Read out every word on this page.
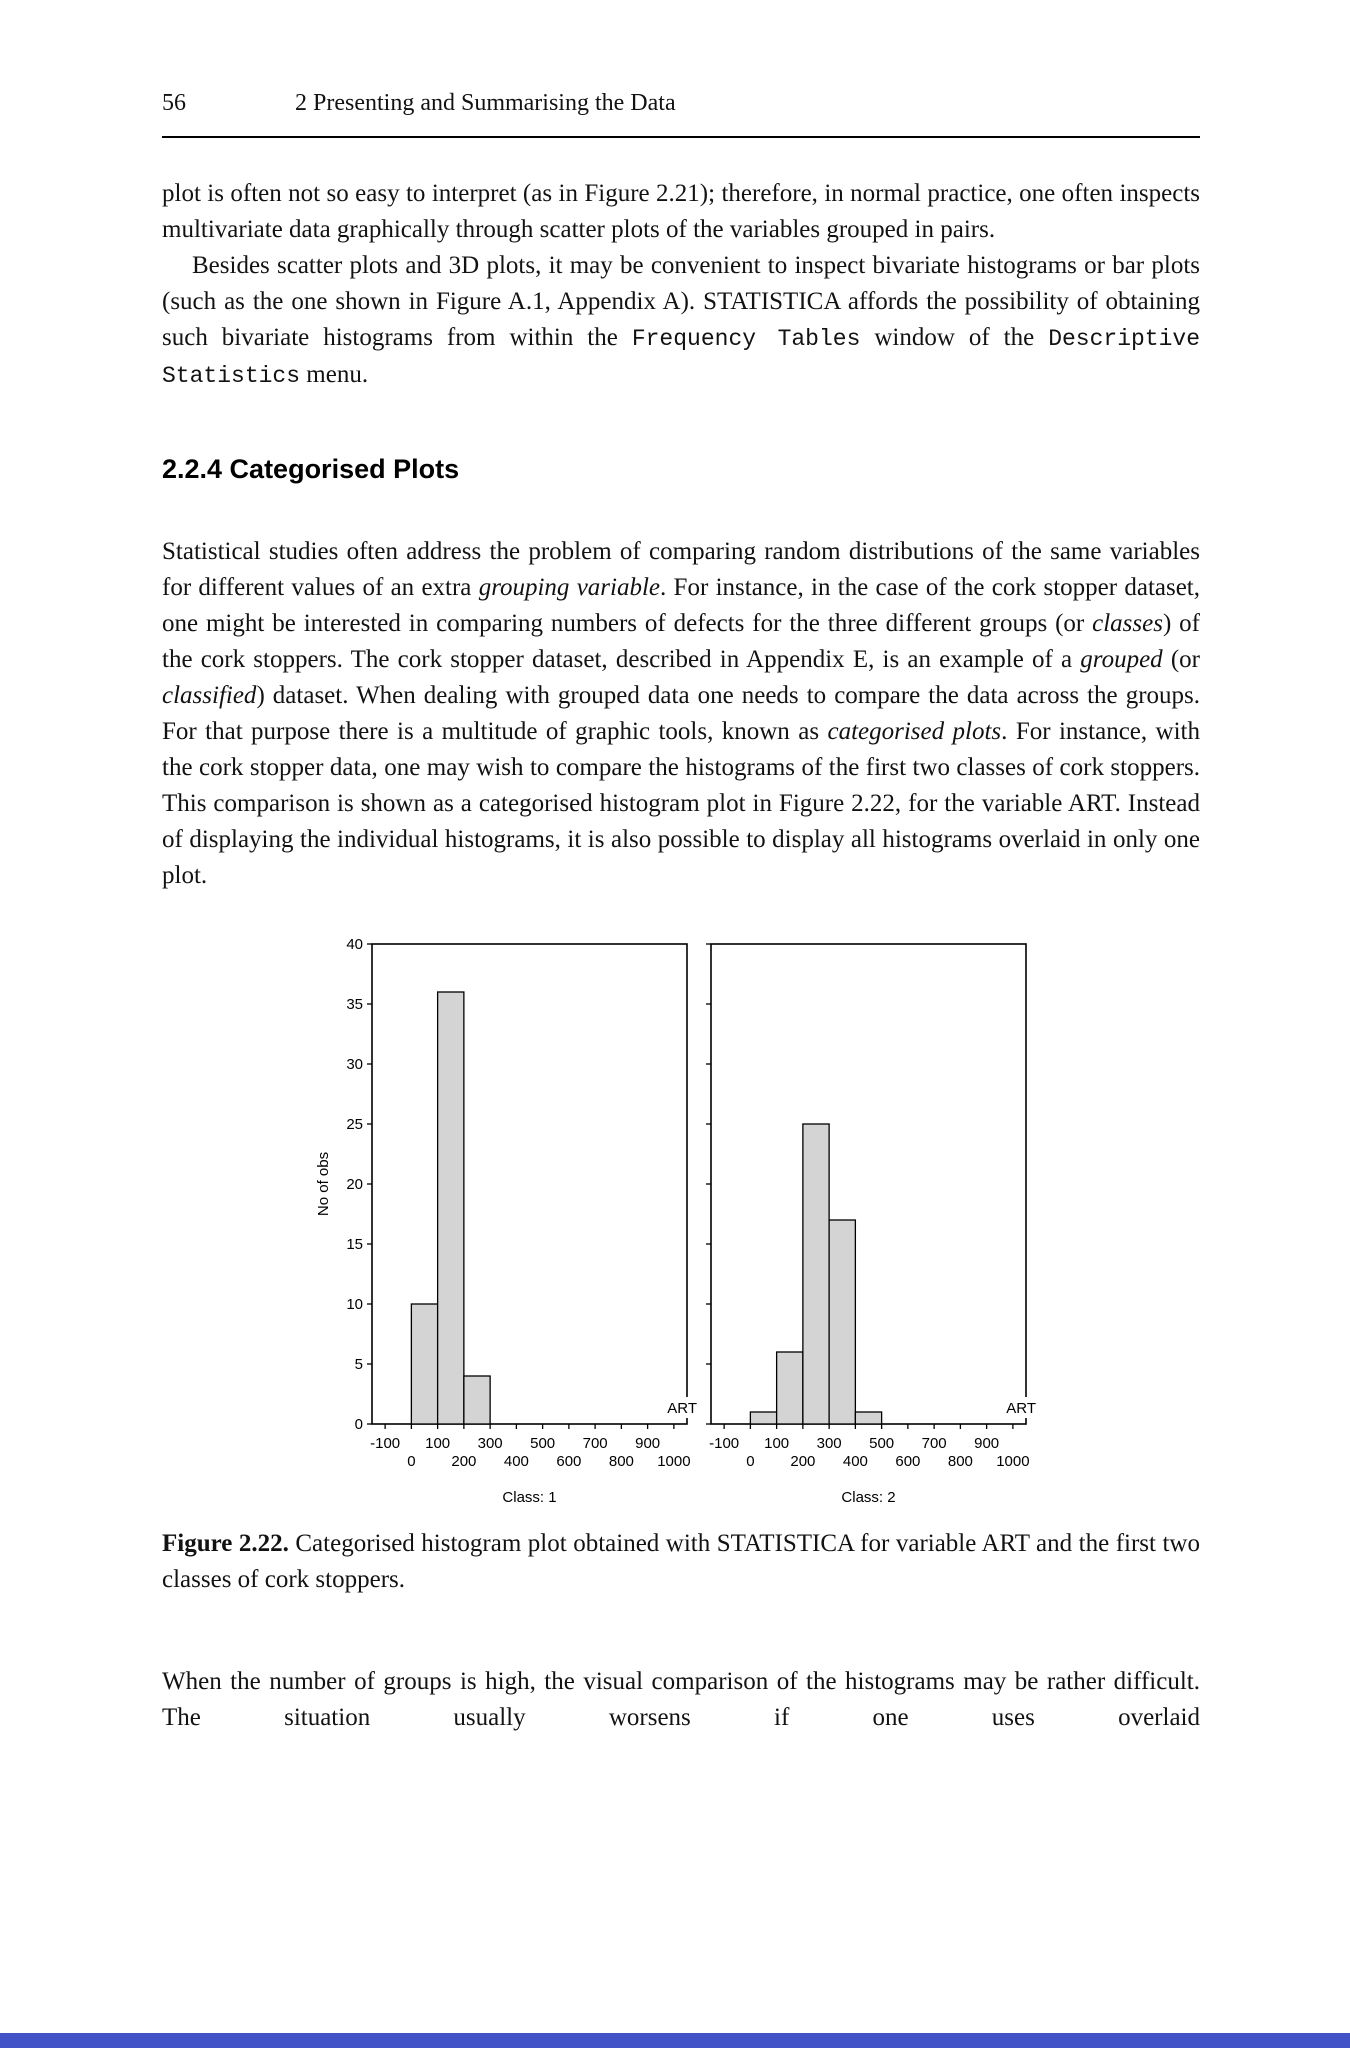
56	2 Presenting and Summarising the Data

plot is often not so easy to interpret (as in Figure 2.21); therefore, in normal practice, one often inspects multivariate data graphically through scatter plots of the variables grouped in pairs.

Besides scatter plots and 3D plots, it may be convenient to inspect bivariate histograms or bar plots (such as the one shown in Figure A.1, Appendix A). STATISTICA affords the possibility of obtaining such bivariate histograms from within the Frequency Tables window of the Descriptive Statistics menu.

2.2.4 Categorised Plots

Statistical studies often address the problem of comparing random distributions of the same variables for different values of an extra grouping variable. For instance, in the case of the cork stopper dataset, one might be interested in comparing numbers of defects for the three different groups (or classes) of the cork stoppers. The cork stopper dataset, described in Appendix E, is an example of a grouped (or classified) dataset. When dealing with grouped data one needs to compare the data across the groups. For that purpose there is a multitude of graphic tools, known as categorised plots. For instance, with the cork stopper data, one may wish to compare the histograms of the first two classes of cork stoppers. This comparison is shown as a categorised histogram plot in Figure 2.22, for the variable ART. Instead of displaying the individual histograms, it is also possible to display all histograms overlaid in only one plot.

0
5
10
15
20
25
30
35
40
-100
0
100
200
300
400
500
600
700
800
900
1000
ART
Class: 1
No of obs
-100
0
100
200
300
400
500
600
700
800
900
1000
ART
Class: 2

Figure 2.22. Categorised histogram plot obtained with STATISTICA for variable ART and the first two classes of cork stoppers.

When the number of groups is high, the visual comparison of the histograms may be rather difficult. The situation usually worsens if one uses overlaid
